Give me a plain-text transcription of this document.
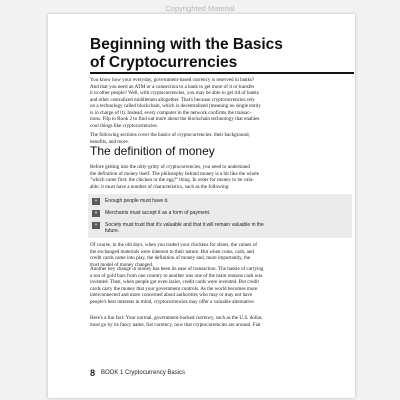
Copyrighted Material
Beginning with the Basics
of Cryptocurrencies

You know how your everyday, government-based currency is reserved in banks?
And that you need an ATM or a connection to a bank to get more of it or transfer
it to other people? Well, with cryptocurrencies, you may be able to get rid of banks
and other centralized middlemen altogether. That's because cryptocurrencies rely
on a technology called blockchain, which is decentralized (meaning no single entity
is in charge of it). Instead, every computer in the network confirms the transac-
tions. Flip to Book 2 to find out more about the blockchain technology that enables
cool things like cryptocurrencies.

The following sections cover the basics of cryptocurrencies: their background,
benefits, and more.

The definition of money

Before getting into the nitty-gritty of cryptocurrencies, you need to understand
the definition of money itself. The philosophy behind money is a bit like the whole
"which came first: the chicken or the egg?" thing. In order for money to be valu-
able, it must have a number of characteristics, such as the following:

»	Enough people must have it.
»	Merchants must accept it as a form of payment.
»	Society must trust that it's valuable and that it will remain valuable in the
future.

Of course, in the old days, when you traded your chickens for shoes, the values of
the exchanged materials were inherent to their nature. But when coins, cash, and
credit cards came into play, the definition of money and, more importantly, the
trust model of money changed.

Another key change in money has been its ease of transaction. The hassle of carrying
a ton of gold bars from one country to another was one of the main reasons cash was
invented. Then, when people got even lazier, credit cards were invented. But credit
cards carry the money that your government controls. As the world becomes more
interconnected and more concerned about authorities who may or may not have
people's best interests in mind, cryptocurrencies may offer a valuable alternative.

Here's a fun fact: Your normal, government-backed currency, such as the U.S. dollar,
must go by its fancy name, fiat currency, now that cryptocurrencies are around. Fiat

8 BOOK 1 Cryptocurrency Basics
